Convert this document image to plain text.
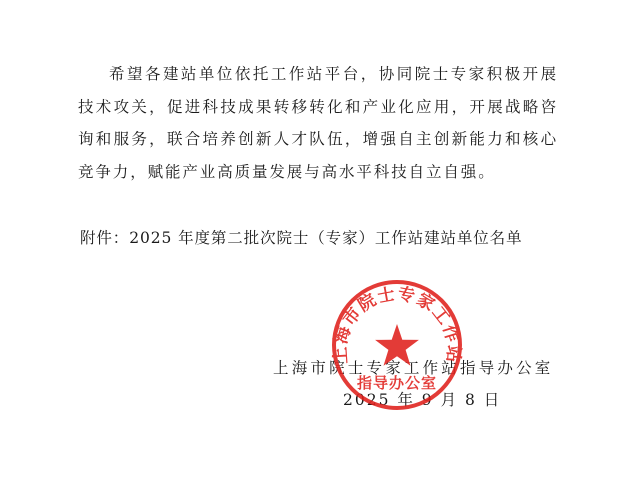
希望各建站单位依托工作站平台，协同院士专家积极开展技术攻关，促进科技成果转移转化和产业化应用，开展战略咨询和服务，联合培养创新人才队伍，增强自主创新能力和核心竞争力，赋能产业高质量发展与高水平科技自立自强。

附件：2025 年度第二批次院士（专家）工作站建站单位名单

上海市院士专家工作站指导办公室

2025 年 9 月 8 日

上海市院士专家工作站
指导办公室
